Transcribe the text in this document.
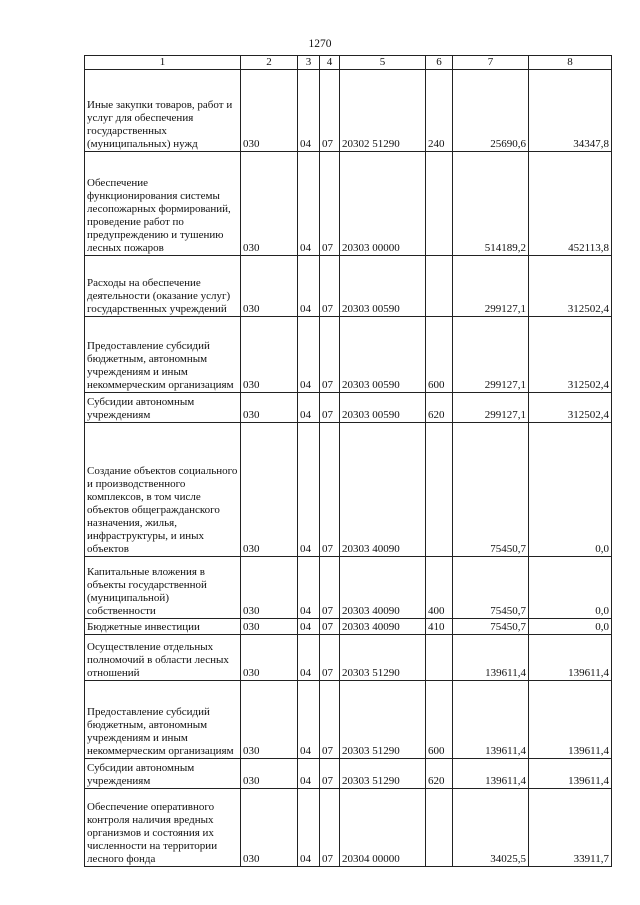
1270
1	2	3	4	5	6	7	8
Иные закупки товаров, работ и услуг для обеспечения государственных (муниципальных) нужд	030	04	07	20302 51290	240	25690,6	34347,8
Обеспечение функционирования системы лесопожарных формирований, проведение работ по предупреждению и тушению лесных пожаров	030	04	07	20303 00000		514189,2	452113,8
Расходы на обеспечение деятельности (оказание услуг) государственных учреждений	030	04	07	20303 00590		299127,1	312502,4
Предоставление субсидий бюджетным, автономным учреждениям и иным некоммерческим организациям	030	04	07	20303 00590	600	299127,1	312502,4
Субсидии автономным учреждениям	030	04	07	20303 00590	620	299127,1	312502,4
Создание объектов социального и производственного комплексов, в том числе объектов общегражданского назначения, жилья, инфраструктуры, и иных объектов	030	04	07	20303 40090		75450,7	0,0
Капитальные вложения в объекты государственной (муниципальной) собственности	030	04	07	20303 40090	400	75450,7	0,0
Бюджетные инвестиции	030	04	07	20303 40090	410	75450,7	0,0
Осуществление отдельных полномочий в области лесных отношений	030	04	07	20303 51290		139611,4	139611,4
Предоставление субсидий бюджетным, автономным учреждениям и иным некоммерческим организациям	030	04	07	20303 51290	600	139611,4	139611,4
Субсидии автономным учреждениям	030	04	07	20303 51290	620	139611,4	139611,4
Обеспечение оперативного контроля наличия вредных организмов и состояния их численности на территории лесного фонда	030	04	07	20304 00000		34025,5	33911,7
